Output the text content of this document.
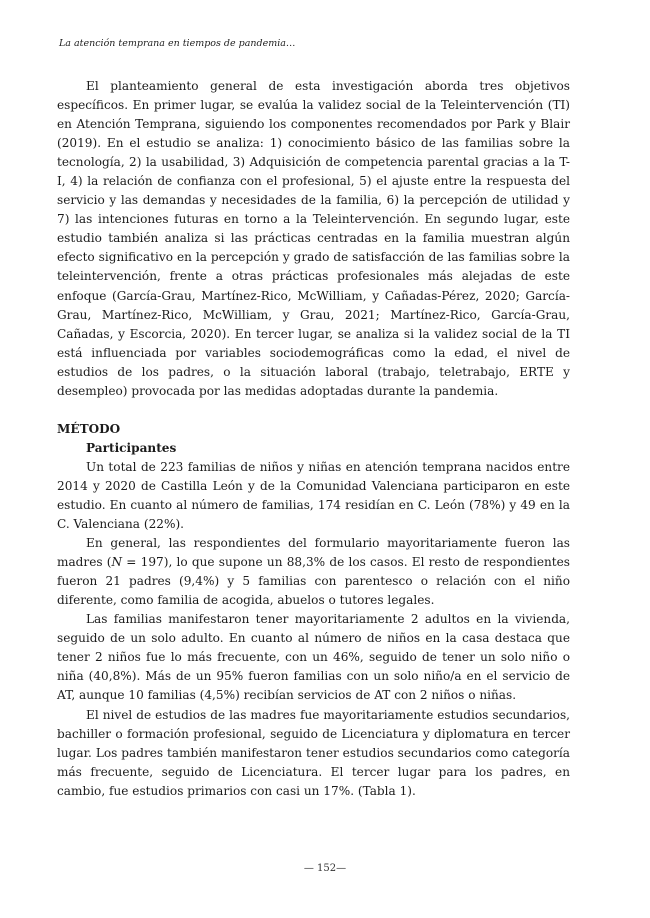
La atención temprana en tiempos de pandemia…

El planteamiento general de esta investigación aborda tres objetivos específicos. En primer lugar, se evalúa la validez social de la Teleintervención (TI) en Atención Temprana, siguiendo los componentes recomendados por Park y Blair (2019). En el estudio se analiza: 1) conocimiento básico de las familias sobre la tecnología, 2) la usabilidad, 3) Adquisición de competencia parental gracias a la T-I, 4) la relación de confianza con el profesional, 5) el ajuste entre la respuesta del servicio y las demandas y necesidades de la familia, 6) la percepción de utilidad y 7) las intenciones futuras en torno a la Teleintervención. En segundo lugar, este estudio también analiza si las prácticas centradas en la familia muestran algún efecto significativo en la percepción y grado de satisfacción de las familias sobre la teleintervención, frente a otras prácticas profesionales más alejadas de este enfoque (García-Grau, Martínez-Rico, McWilliam, y Cañadas-Pérez, 2020; García-Grau, Martínez-Rico, McWilliam, y Grau, 2021; Martínez-Rico, García-Grau, Cañadas, y Escorcia, 2020). En tercer lugar, se analiza si la validez social de la TI está influenciada por variables sociodemográficas como la edad, el nivel de estudios de los padres, o la situación laboral (trabajo, teletrabajo, ERTE y desempleo) provocada por las medidas adoptadas durante la pandemia.

MÉTODO
Participantes

Un total de 223 familias de niños y niñas en atención temprana nacidos entre 2014 y 2020 de Castilla León y de la Comunidad Valenciana participaron en este estudio. En cuanto al número de familias, 174 residían en C. León (78%) y 49 en la C. Valenciana (22%).

En general, las respondientes del formulario mayoritariamente fueron las madres (N = 197), lo que supone un 88,3% de los casos. El resto de respondientes fueron 21 padres (9,4%) y 5 familias con parentesco o relación con el niño diferente, como familia de acogida, abuelos o tutores legales.

Las familias manifestaron tener mayoritariamente 2 adultos en la vivienda, seguido de un solo adulto. En cuanto al número de niños en la casa destaca que tener 2 niños fue lo más frecuente, con un 46%, seguido de tener un solo niño o niña (40,8%). Más de un 95% fueron familias con un solo niño/a en el servicio de AT, aunque 10 familias (4,5%) recibían servicios de AT con 2 niños o niñas.

El nivel de estudios de las madres fue mayoritariamente estudios secundarios, bachiller o formación profesional, seguido de Licenciatura y diplomatura en tercer lugar. Los padres también manifestaron tener estudios secundarios como categoría más frecuente, seguido de Licenciatura. El tercer lugar para los padres, en cambio, fue estudios primarios con casi un 17%. (Tabla 1).

— 152—
